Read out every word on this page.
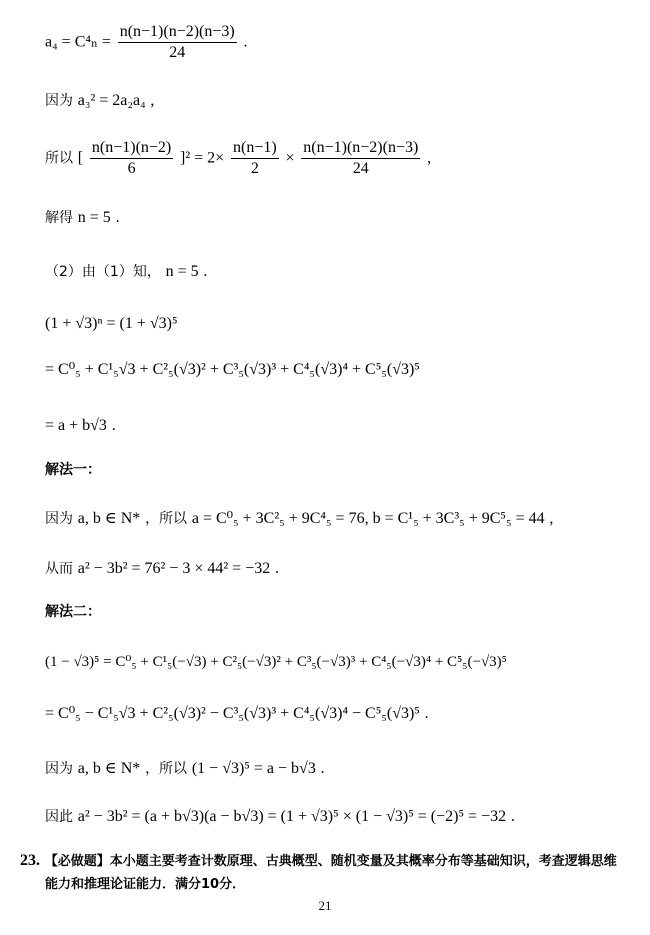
$a_4 = C^4_n = \frac{n(n-1)(n-2)(n-3)}{24}$ .
因为 a₃² = 2a₂a₄ ,
所以 [ $\frac{n(n-1)(n-2)}{6} ]^2 = 2\times \frac{n(n-1)}{2} \times \frac{n(n-1)(n-2)(n-3)}{24}$ ,
解得 n = 5 .
（2）由（1）知， n = 5 .
(1 + √3)ⁿ = (1 + √3)⁵
= C⁰₅ + C¹₅√3 + C²₅(√3)² + C³₅(√3)³ + C⁴₅(√3)⁴ + C⁵₅(√3)⁵
= a + b√3 .
解法一：
因为 a, b ∈ N* ，所以 a = C⁰₅ + 3C²₅ + 9C⁴₅ = 76, b = C¹₅ + 3C³₅ + 9C⁵₅ = 44 ,
从而 a² − 3b² = 76² − 3 × 44² = −32 .
解法二：
(1 − √3)⁵ = C⁰₅ + C¹₅(−√3) + C²₅(−√3)² + C³₅(−√3)³ + C⁴₅(−√3)⁴ + C⁵₅(−√3)⁵
= C⁰₅ − C¹₅√3 + C²₅(√3)² − C³₅(√3)³ + C⁴₅(√3)⁴ − C⁵₅(√3)⁵ .
因为 a, b ∈ N* ，所以 (1 − √3)⁵ = a − b√3 .
因此 a² − 3b² = (a + b√3)(a − b√3) = (1 + √3)⁵ × (1 − √3)⁵ = (−2)⁵ = −32 .
23. 【必做题】本小题主要考查计数原理、古典概型、随机变量及其概率分布等基础知识，考查逻辑思维
能力和推理论证能力．满分10分．
21
